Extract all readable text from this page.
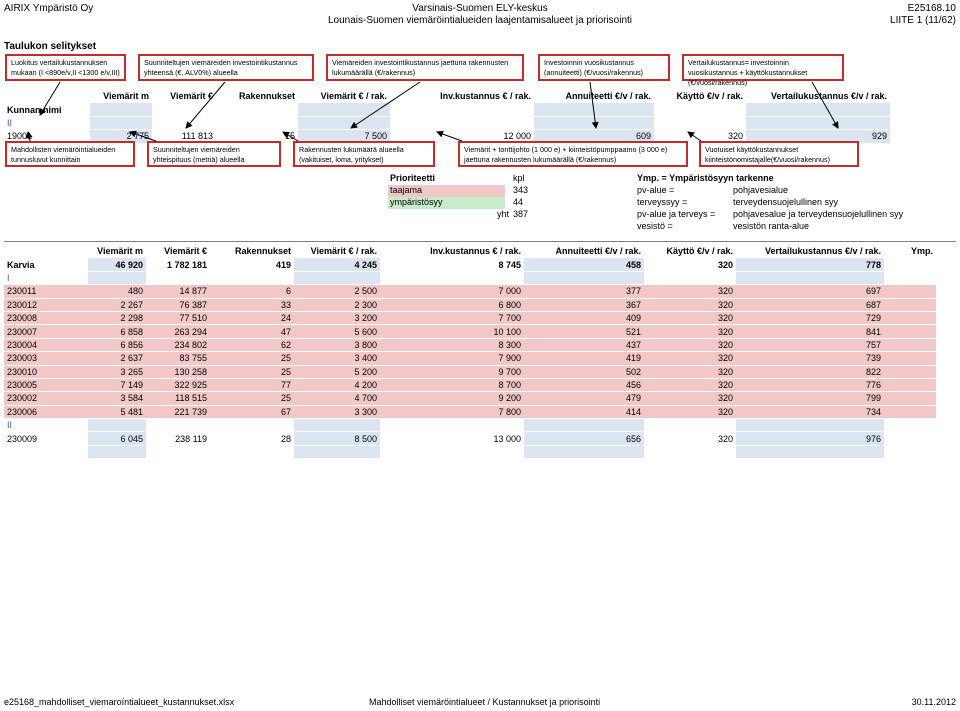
AIRIX Ympäristö Oy	Varsinais-Suomen ELY-keskus
Lounais-Suomen viemäröintialueiden laajentamisalueet ja priorisointi
E25168.10
LIITE 1 (11/62)
Taulukon selitykset
Luokitus vertailukustannuksen mukaan (I <890e/v,II <1300 e/v,III)
Suunniteltujen viemäreiden investointikustannus yhteensä (€, ALV0%) alueella
Viemäreiden investointikustannus jaettuna rakennusten lukumäärällä (€/rakennus)
Investoinnin vuosikustannus (annuiteetti) (€/vuosi/rakennus)
Vertailukustannus= investoinnin vuosikustannus + käyttökustannukset (€/vuosi/rakennus)
	Viemärit m	Viemärit €	Rakennukset	Viemärit € / rak.	Inv.kustannus € / rak.	Annuiteetti €/v / rak.	Käyttö €/v / rak.	Vertailukustannus €/v / rak.
Kunnan nimi								
II								
19001	2 775	111 813	15	7 500	12 000	609	320	929
Mahdollisten viemäröintialueiden tunnusluvut kunnittain
Suunniteltujen viemäreiden yhteispituus (metriä) alueella
Rakennusten lukumäärä alueella (vakituiset, loma, yritykset)
Viemärit + tonttijohto (1 000 e) + kiinteistöpumppaamo (3 000 e) jaettuna rakennusten lukumäärällä (€/rakennus)
Vuotuiset käyttökustannukset kiinteistönomistajalle(€/vuosi/rakennus)
Prioriteetti	kpl
taajama	343
ympäristösyy	44
yht 387
Ymp. = Ympäristösyyn tarkenne
pv-alue =	pohjavesialue
terveyssyy =	terveydensuojelullinen syy
pv-alue ja terveys = pohjavesalue ja terveydensuojelullinen syy
vesistö =	vesistön ranta-alue
	Viemärit m	Viemärit €	Rakennukset	Viemärit € / rak.	Inv.kustannus € / rak.	Annuiteetti €/v / rak.	Käyttö €/v / rak.	Vertailukustannus €/v / rak.	Ymp.
Karvia	46 920	1 782 181	419	4 245	8 745	458	320	778	
I									
230011	480	14 877	6	2 500	7 000	377	320	697	
230012	2 267	76 387	33	2 300	6 800	367	320	687	
230008	2 298	77 510	24	3 200	7 700	409	320	729	
230007	6 858	263 294	47	5 600	10 100	521	320	841	
230004	6 856	234 802	62	3 800	8 300	437	320	757	
230003	2 637	83 755	25	3 400	7 900	419	320	739	
230010	3 265	130 258	25	5 200	9 700	502	320	822	
230005	7 149	322 925	77	4 200	8 700	456	320	776	
230002	3 584	118 515	25	4 700	9 200	479	320	799	
230006	5 481	221 739	67	3 300	7 800	414	320	734	
II									
230009	6 045	238 119	28	8 500	13 000	656	320	976	

e25168_mahdolliset_viemaroíntialueet_kustannukset.xlsx	Mahdolliset viemäröintialueet / Kustannukset ja priorisointi	30.11.2012
